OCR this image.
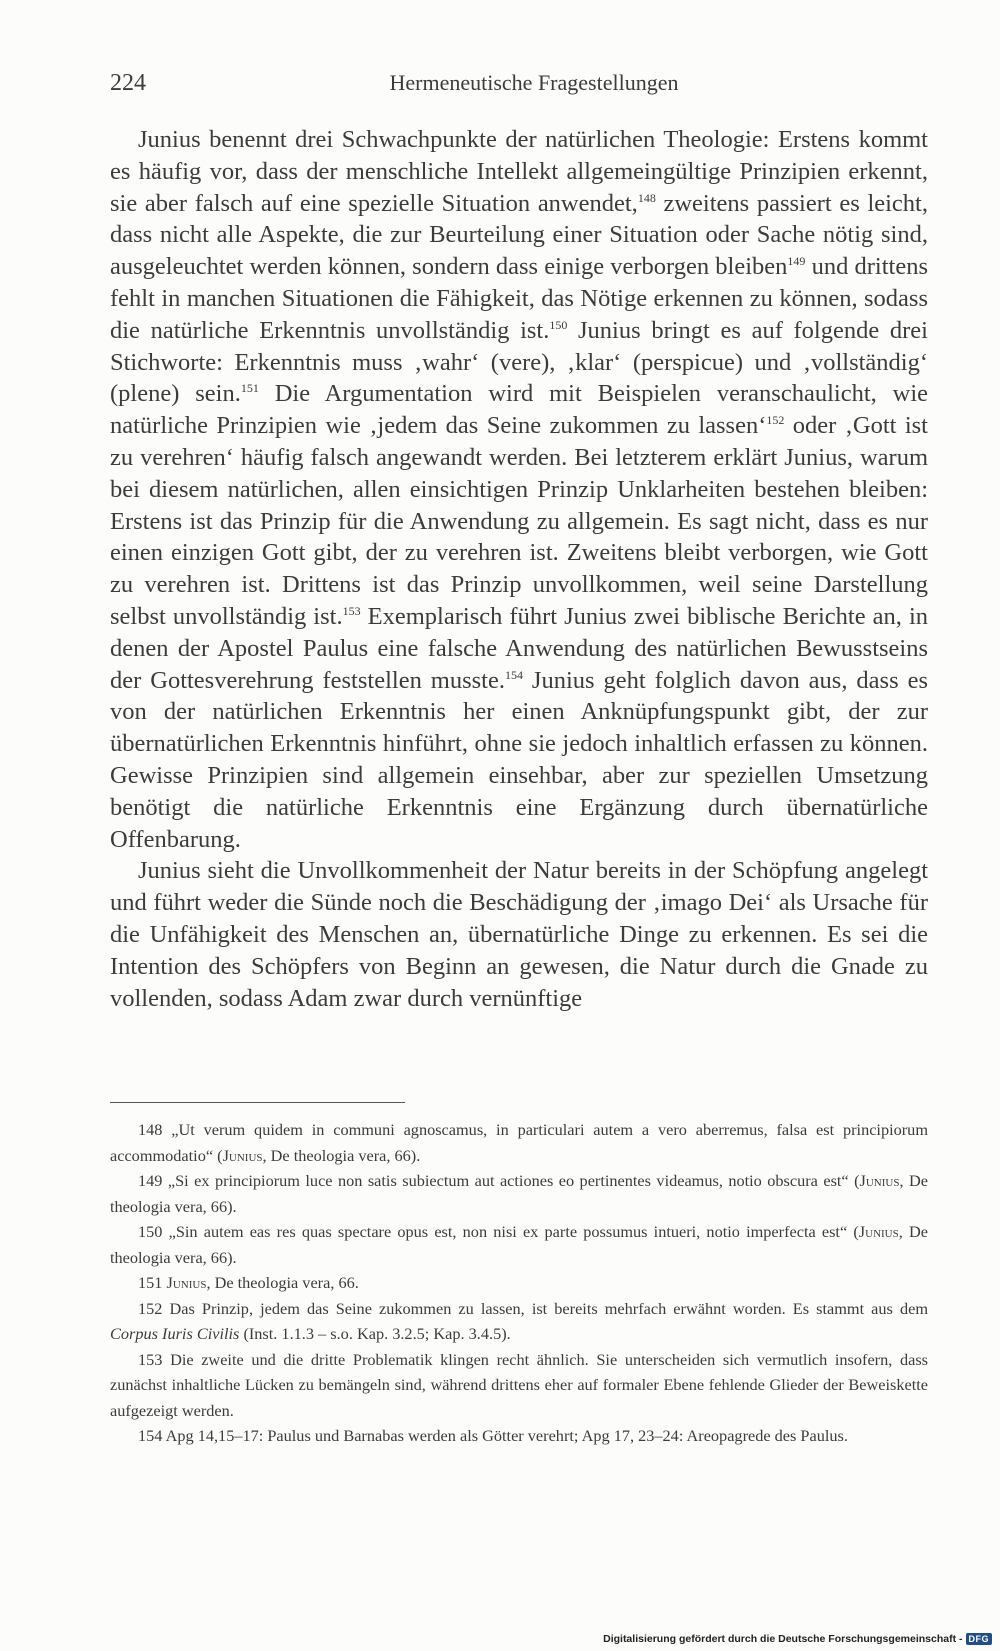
224	Hermeneutische Fragestellungen

Junius benennt drei Schwachpunkte der natürlichen Theologie: Erstens kommt es häufig vor, dass der menschliche Intellekt allgemeingültige Prinzipien erkennt, sie aber falsch auf eine spezielle Situation anwendet,$^{148}$ zweitens passiert es leicht, dass nicht alle Aspekte, die zur Beurteilung einer Situation oder Sache nötig sind, ausgeleuchtet werden können, sondern dass einige verborgen bleiben$^{149}$ und drittens fehlt in manchen Situationen die Fähigkeit, das Nötige erkennen zu können, sodass die natürliche Erkenntnis unvollständig ist.$^{150}$ Junius bringt es auf folgende drei Stichworte: Erkenntnis muss ‚wahr‘ (vere), ‚klar‘ (perspicue) und ‚vollständig‘ (plene) sein.$^{151}$ Die Argumentation wird mit Beispielen veranschaulicht, wie natürliche Prinzipien wie ‚jedem das Seine zukommen zu lassen‘$^{152}$ oder ‚Gott ist zu verehren‘ häufig falsch angewandt werden. Bei letzterem erklärt Junius, warum bei diesem natürlichen, allen einsichtigen Prinzip Unklarheiten bestehen bleiben: Erstens ist das Prinzip für die Anwendung zu allgemein. Es sagt nicht, dass es nur einen einzigen Gott gibt, der zu verehren ist. Zweitens bleibt verborgen, wie Gott zu verehren ist. Drittens ist das Prinzip unvollkommen, weil seine Darstellung selbst unvollständig ist.$^{153}$ Exemplarisch führt Junius zwei biblische Berichte an, in denen der Apostel Paulus eine falsche Anwendung des natürlichen Bewusstseins der Gottesverehrung feststellen musste.$^{154}$ Junius geht folglich davon aus, dass es von der natürlichen Erkenntnis her einen Anknüpfungspunkt gibt, der zur übernatürlichen Erkenntnis hinführt, ohne sie jedoch inhaltlich erfassen zu können. Gewisse Prinzipien sind allgemein einsehbar, aber zur speziellen Umsetzung benötigt die natürliche Erkenntnis eine Ergänzung durch übernatürliche Offenbarung.

Junius sieht die Unvollkommenheit der Natur bereits in der Schöpfung angelegt und führt weder die Sünde noch die Beschädigung der ‚imago Dei‘ als Ursache für die Unfähigkeit des Menschen an, übernatürliche Dinge zu erkennen. Es sei die Intention des Schöpfers von Beginn an gewesen, die Natur durch die Gnade zu vollenden, sodass Adam zwar durch vernünftige

148 „Ut verum quidem in communi agnoscamus, in particulari autem a vero aberremus, falsa est principiorum accommodatio“ (Junius, De theologia vera, 66).

149 „Si ex principiorum luce non satis subiectum aut actiones eo pertinentes videamus, notio obscura est“ (Junius, De theologia vera, 66).

150 „Sin autem eas res quas spectare opus est, non nisi ex parte possumus intueri, notio imperfecta est“ (Junius, De theologia vera, 66).

151 Junius, De theologia vera, 66.

152 Das Prinzip, jedem das Seine zukommen zu lassen, ist bereits mehrfach erwähnt worden. Es stammt aus dem Corpus Iuris Civilis (Inst. 1.1.3 – s.o. Kap. 3.2.5; Kap. 3.4.5).

153 Die zweite und die dritte Problematik klingen recht ähnlich. Sie unterscheiden sich vermutlich insofern, dass zunächst inhaltliche Lücken zu bemängeln sind, während drittens eher auf formaler Ebene fehlende Glieder der Beweiskette aufgezeigt werden.

154 Apg 14,15–17: Paulus und Barnabas werden als Götter verehrt; Apg 17, 23–24: Areopagrede des Paulus.

Digitalisierung gefördert durch die Deutsche Forschungsgemeinschaft - DFG
